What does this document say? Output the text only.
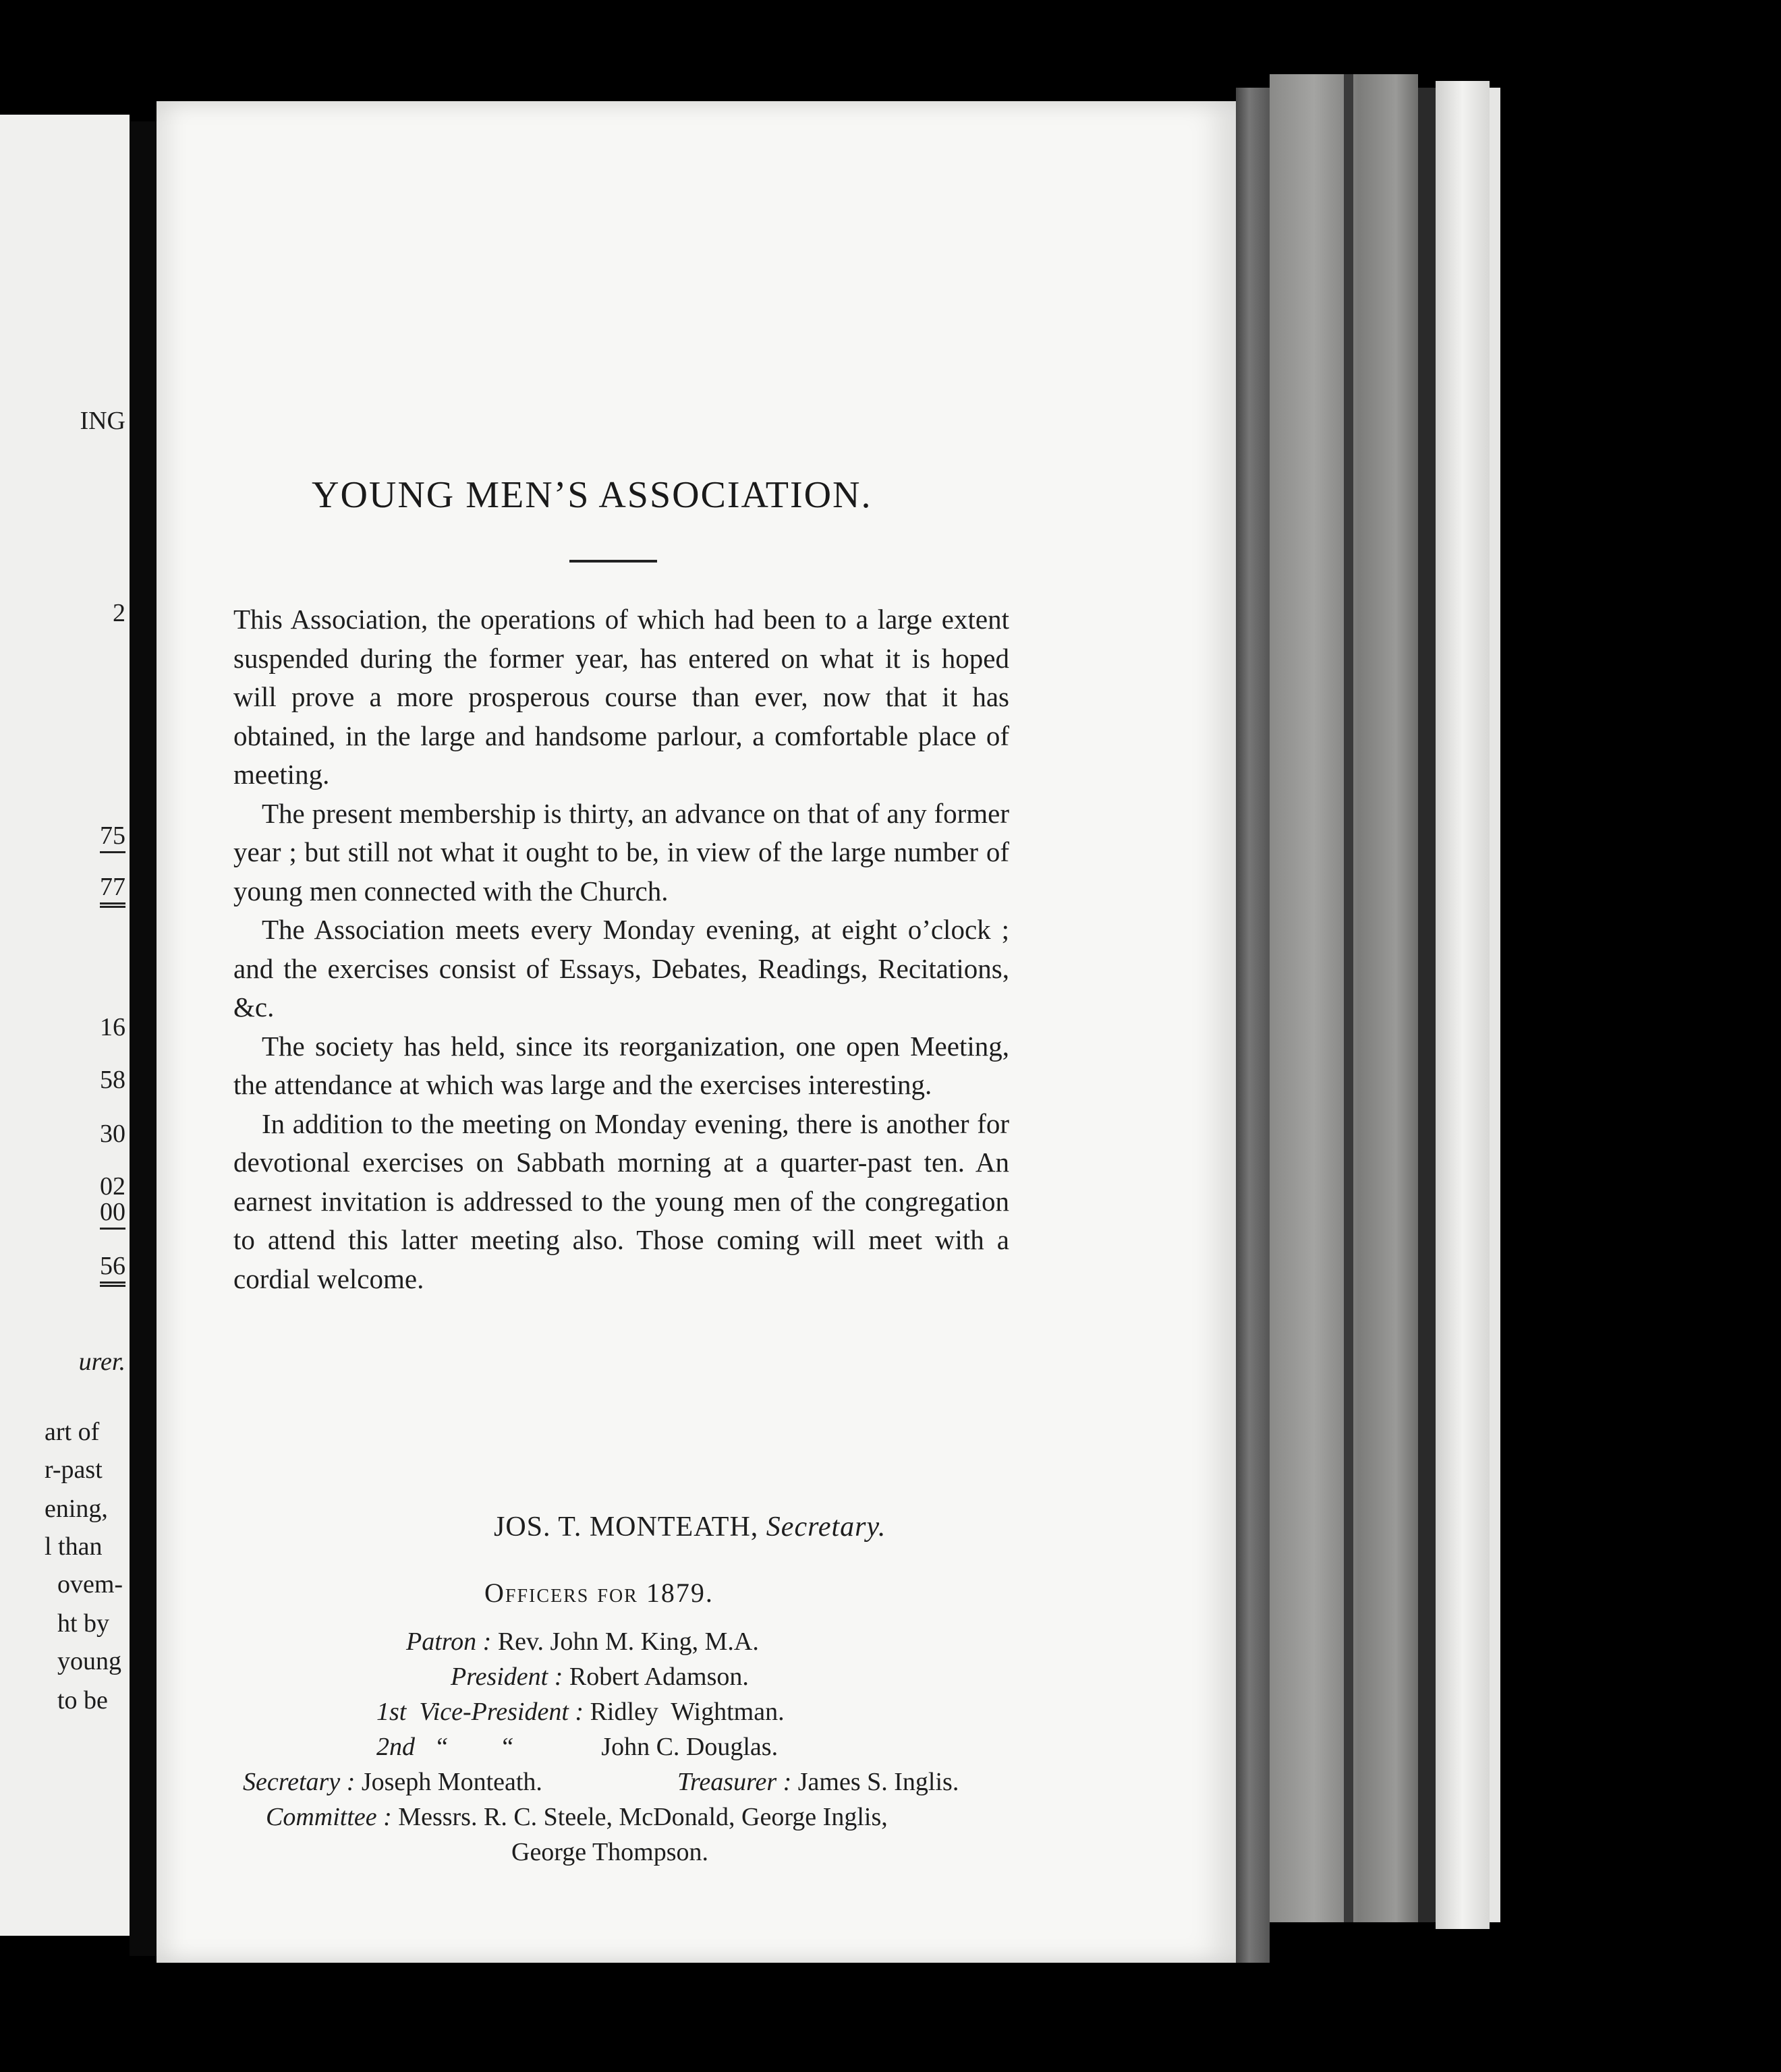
ING
2
75
77
16
58
30
02
00
56
urer.
art of
r-past
ening,
l than
ovem-
ht by
young
to be
YOUNG MEN’S ASSOCIATION.

This Association, the operations of which had been to a large extent suspended during the former year, has entered on what it is hoped will prove a more prosperous course than ever, now that it has obtained, in the large and handsome parlour, a comfortable place of meeting.

The present membership is thirty, an advance on that of any former year ; but still not what it ought to be, in view of the large number of young men connected with the Church.

The Association meets every Monday evening, at eight o’clock ; and the exercises consist of Essays, Debates, Readings, Recitations, &c.

The society has held, since its reorganization, one open Meeting, the attendance at which was large and the exercises interesting.

In addition to the meeting on Monday evening, there is another for devotional exercises on Sabbath morning at a quarter-past ten. An earnest invitation is addressed to the young men of the congregation to attend this latter meeting also. Those coming will meet with a cordial welcome.

JOS. T. MONTEATH, Secretary.
Officers for 1879.
Patron : Rev. John M. King, M.A.
President : Robert Adamson.
1st  Vice-President : Ridley  Wightman.
2nd   “        “	John C. Douglas.
Secretary : Joseph Monteath.	Treasurer : James S. Inglis.
Committee : Messrs. R. C. Steele, McDonald, George Inglis,
George Thompson.
